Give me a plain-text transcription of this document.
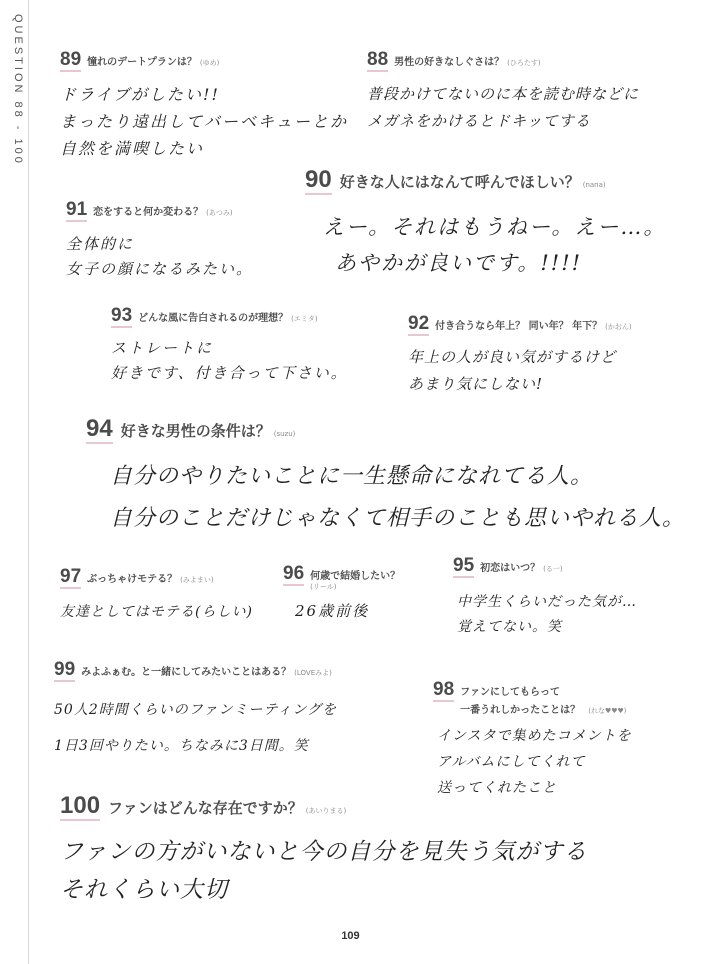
QUESTION 88 - 100 89 憧れのデートプランは？ (ゆめ)
ドライブがしたい!!
まったり遠出してバーベキューとか
自然を満喫したい
88 男性の好きなしぐさは？ (ひろたす)
普段かけてないのに本を読む時などに
メガネをかけるとドキッてする
90 好きな人にはなんて呼んでほしい？ (nana)
えー。それはもうねー。えー…。
あやかが良いです。!!!!
91 恋をすると何か変わる？ (あつみ)
全体的に
女子の顔になるみたい。
93 どんな風に告白されるのが理想？ (エミタ)
ストレートに
好きです、付き合って下さい。
92 付き合うなら年上？ 同い年？ 年下？ (かおん)
年上の人が良い気がするけど
あまり気にしない!
94 好きな男性の条件は？ (suzu)
自分のやりたいことに一生懸命になれてる人。
自分のことだけじゃなくて相手のことも思いやれる人。
97 ぶっちゃけモテる？ (みよまい)
友達としてはモテる(らしい)
96 何歳で結婚したい？
(リール)
26歳前後
95 初恋はいつ？ (る一)
中学生くらいだった気が…
覚えてない。笑
99 みよふぁむ。と一緒にしてみたいことはある？ (LOVEみよ)
50人2時間くらいのファンミーティングを
1日3回やりたい。ちなみに3日間。笑
98 ファンにしてもらって
一番うれしかったことは？ (れな♥♥♥)
インスタで集めたコメントを
アルバムにしてくれて
送ってくれたこと
100 ファンはどんな存在ですか？ (あいりまる)
ファンの方がいないと今の自分を見失う気がする
それくらい大切
109
